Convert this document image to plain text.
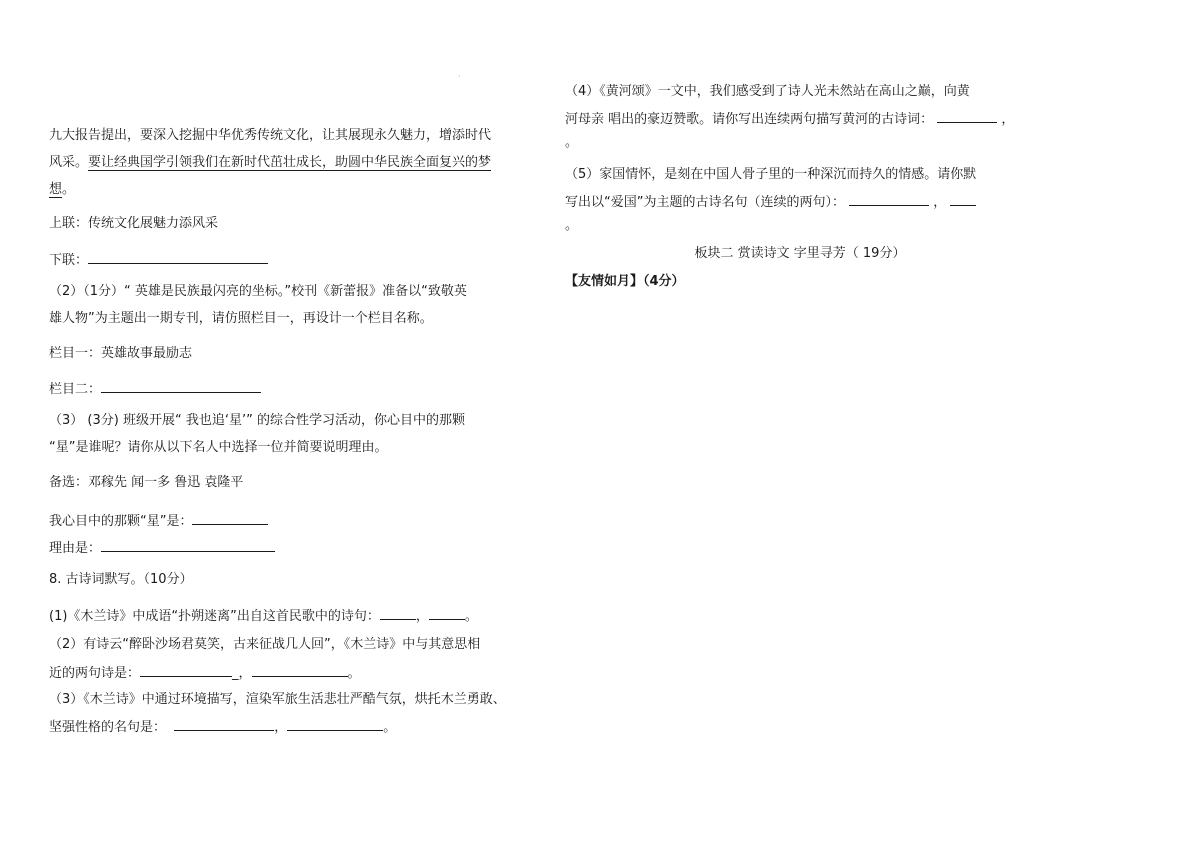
·
九大报告提出，要深入挖掘中华优秀传统文化，让其展现永久魅力，增添时代
风采。要让经典国学引领我们在新时代茁壮成长，助圆中华民族全面复兴的梦
想。
上联：传统文化展魅力添风采
下联：
（2）（1分）“ 英雄是民族最闪亮的坐标。”校刊《新蕾报》准备以“致敬英
雄人物”为主题出一期专刊，请仿照栏目一，再设计一个栏目名称。
栏目一：英雄故事最励志
栏目二：
（3） (3分) 班级开展“ 我也追‘星’” 的综合性学习活动，你心目中的那颗
“星”是谁呢？请你从以下名人中选择一位并简要说明理由。
备选：邓稼先 闻一多 鲁迅 袁隆平
我心目中的那颗“星”是：
理由是：
8. 古诗词默写。（10分）
(1)《木兰诗》中成语“扑朔迷离”出自这首民歌中的诗句：	，	。
（2）有诗云“醉卧沙场君莫笑，古来征战几人回”，《木兰诗》中与其意思相
近的两句诗是：	_，	。
（3）《木兰诗》中通过环境描写，渲染军旅生活悲壮严酷气氛，烘托木兰勇敢、
坚强性格的名句是：	，	。
（4）《黄河颂》一文中，我们感受到了诗人光未然站在高山之巅，向黄
河母亲 唱出的豪迈赞歌。请你写出连续两句描写黄河的古诗词：	，
。
（5）家国情怀，是刻在中国人骨子里的一种深沉而持久的情感。请你默
写出以“爱国”为主题的古诗名句（连续的两句）：	，
。
板块二 赏读诗文 字里寻芳（ 19分）
【友情如月】（4分）
